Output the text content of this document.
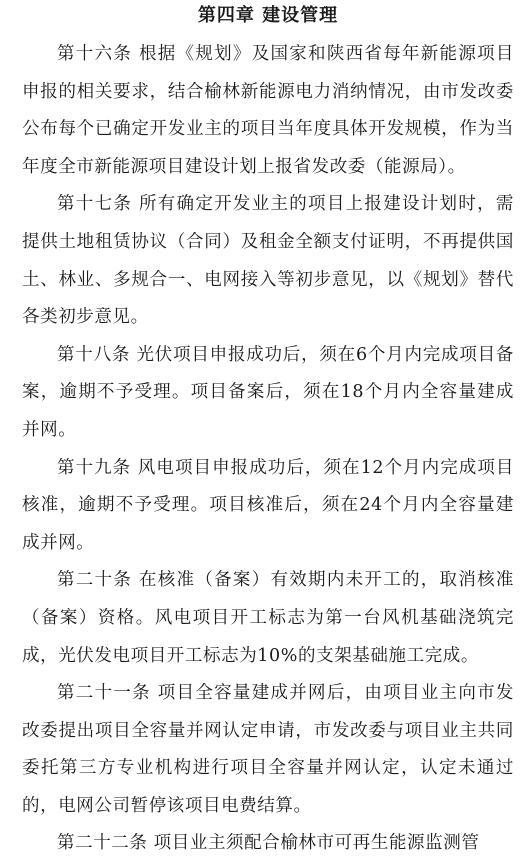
第四章 建设管理

第十六条 根据《规划》及国家和陕西省每年新能源项目申报的相关要求，结合榆林新能源电力消纳情况，由市发改委公布每个已确定开发业主的项目当年度具体开发规模，作为当年度全市新能源项目建设计划上报省发改委（能源局）。

第十七条 所有确定开发业主的项目上报建设计划时，需提供土地租赁协议（合同）及租金全额支付证明，不再提供国土、林业、多规合一、电网接入等初步意见，以《规划》替代各类初步意见。

第十八条 光伏项目申报成功后，须在6个月内完成项目备案，逾期不予受理。项目备案后，须在18个月内全容量建成并网。

第十九条 风电项目申报成功后，须在12个月内完成项目核准，逾期不予受理。项目核准后，须在24个月内全容量建成并网。

第二十条 在核准（备案）有效期内未开工的，取消核准（备案）资格。风电项目开工标志为第一台风机基础浇筑完成，光伏发电项目开工标志为10%的支架基础施工完成。

第二十一条 项目全容量建成并网后，由项目业主向市发改委提出项目全容量并网认定申请，市发改委与项目业主共同委托第三方专业机构进行项目全容量并网认定，认定未通过的，电网公司暂停该项目电费结算。

第二十二条 项目业主须配合榆林市可再生能源监测管
